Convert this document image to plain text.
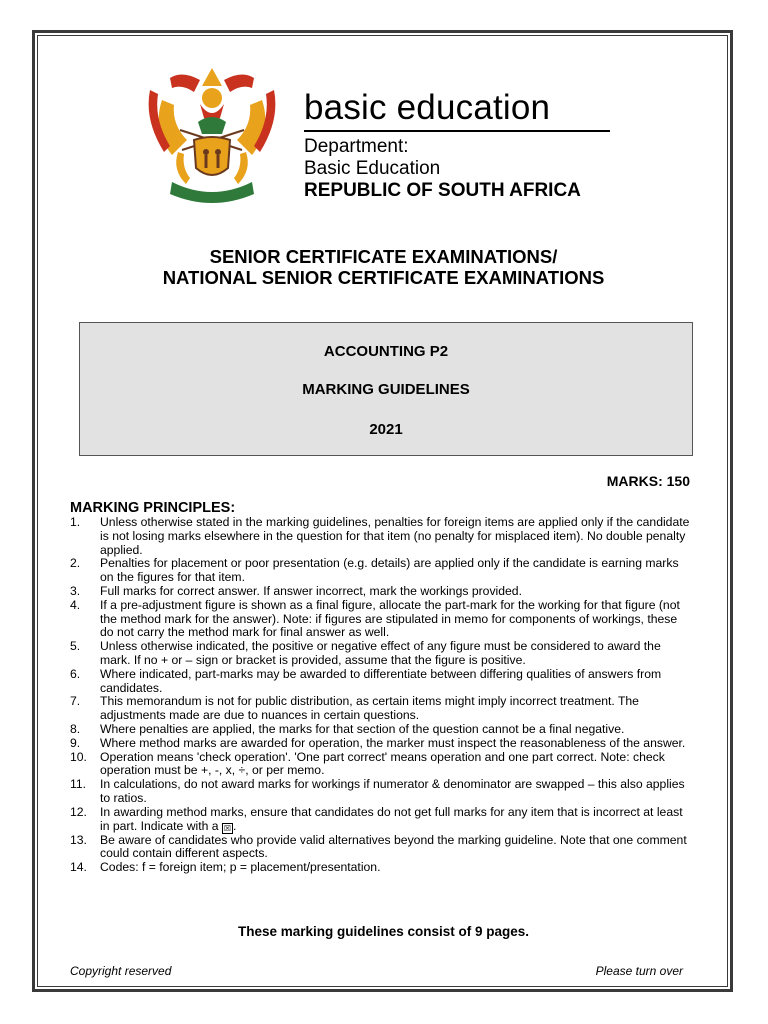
basic education
Department:
Basic Education
REPUBLIC OF SOUTH AFRICA
SENIOR CERTIFICATE EXAMINATIONS/
NATIONAL SENIOR CERTIFICATE EXAMINATIONS
ACCOUNTING P2
MARKING GUIDELINES
2021
MARKS: 150
MARKING PRINCIPLES:
1.	Unless otherwise stated in the marking guidelines, penalties for foreign items are applied only if the candidate is not losing marks elsewhere in the question for that item (no penalty for misplaced item). No double penalty applied.
2.	Penalties for placement or poor presentation (e.g. details) are applied only if the candidate is earning marks on the figures for that item.
3.	Full marks for correct answer. If answer incorrect, mark the workings provided.
4.	If a pre-adjustment figure is shown as a final figure, allocate the part-mark for the working for that figure (not the method mark for the answer). Note: if figures are stipulated in memo for components of workings, these do not carry the method mark for final answer as well.
5.	Unless otherwise indicated, the positive or negative effect of any figure must be considered to award the mark. If no + or – sign or bracket is provided, assume that the figure is positive.
6.	Where indicated, part-marks may be awarded to differentiate between differing qualities of answers from candidates.
7.	This memorandum is not for public distribution, as certain items might imply incorrect treatment. The adjustments made are due to nuances in certain questions.
8.	Where penalties are applied, the marks for that section of the question cannot be a final negative.
9.	Where method marks are awarded for operation, the marker must inspect the reasonableness of the answer.
10.	Operation means 'check operation'. 'One part correct' means operation and one part correct. Note: check operation must be +, -, x, ÷, or per memo.
11.	In calculations, do not award marks for workings if numerator & denominator are swapped – this also applies to ratios.
12.	In awarding method marks, ensure that candidates do not get full marks for any item that is incorrect at least in part. Indicate with a ☒ .
13.	Be aware of candidates who provide valid alternatives beyond the marking guideline. Note that one comment could contain different aspects.
14.	Codes: f = foreign item; p = placement/presentation.
These marking guidelines consist of 9 pages.
Copyright reserved	Please turn over
